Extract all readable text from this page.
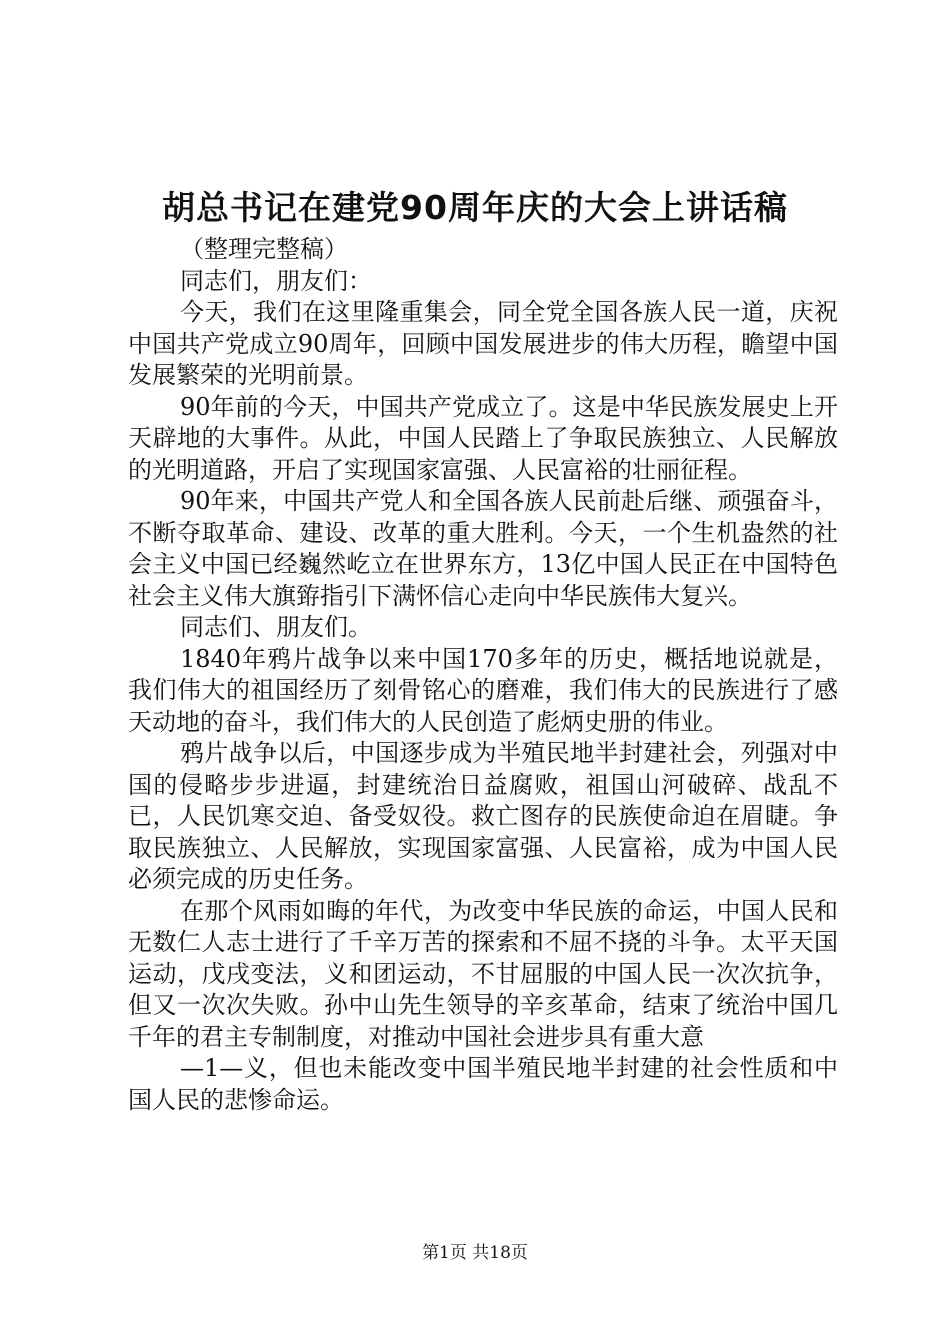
胡总书记在建党90周年庆的大会上讲话稿

（整理完整稿）

同志们，朋友们：

今天，我们在这里隆重集会，同全党全国各族人民一道，庆祝中国共产党成立90周年，回顾中国发展进步的伟大历程，瞻望中国发展繁荣的光明前景。

90年前的今天，中国共产党成立了。这是中华民族发展史上开天辟地的大事件。从此，中国人民踏上了争取民族独立、人民解放的光明道路，开启了实现国家富强、人民富裕的壮丽征程。

90年来，中国共产党人和全国各族人民前赴后继、顽强奋斗，不断夺取革命、建设、改革的重大胜利。今天，一个生机盎然的社会主义中国已经巍然屹立在世界东方，13亿中国人民正在中国特色社会主义伟大旗臶指引下满怀信心走向中华民族伟大复兴。

同志们、朋友们。

1840年鸦片战争以来中国170多年的历史，概括地说就是，我们伟大的祖国经历了刻骨铭心的磨难，我们伟大的民族进行了感天动地的奋斗，我们伟大的人民创造了彪炳史册的伟业。

鸦片战争以后，中国逐步成为半殖民地半封建社会，列强对中国的侵略步步进逼，封建统治日益腐败，祖国山河破碎、战乱不已，人民饥寒交迫、备受奴役。救亡图存的民族使命迫在眉睫。争取民族独立、人民解放，实现国家富强、人民富裕，成为中国人民必须完成的历史任务。

在那个风雨如晦的年代，为改变中华民族的命运，中国人民和无数仁人志士进行了千辛万苦的探索和不屈不挠的斗争。太平天国运动，戊戌变法，义和团运动，不甘屈服的中国人民一次次抗争，但又一次次失败。孙中山先生领导的辛亥革命，结束了统治中国几千年的君主专制制度，对推动中国社会进步具有重大意

—1—义，但也未能改变中国半殖民地半封建的社会性质和中国人民的悲惨命运。

第1页 共18页
